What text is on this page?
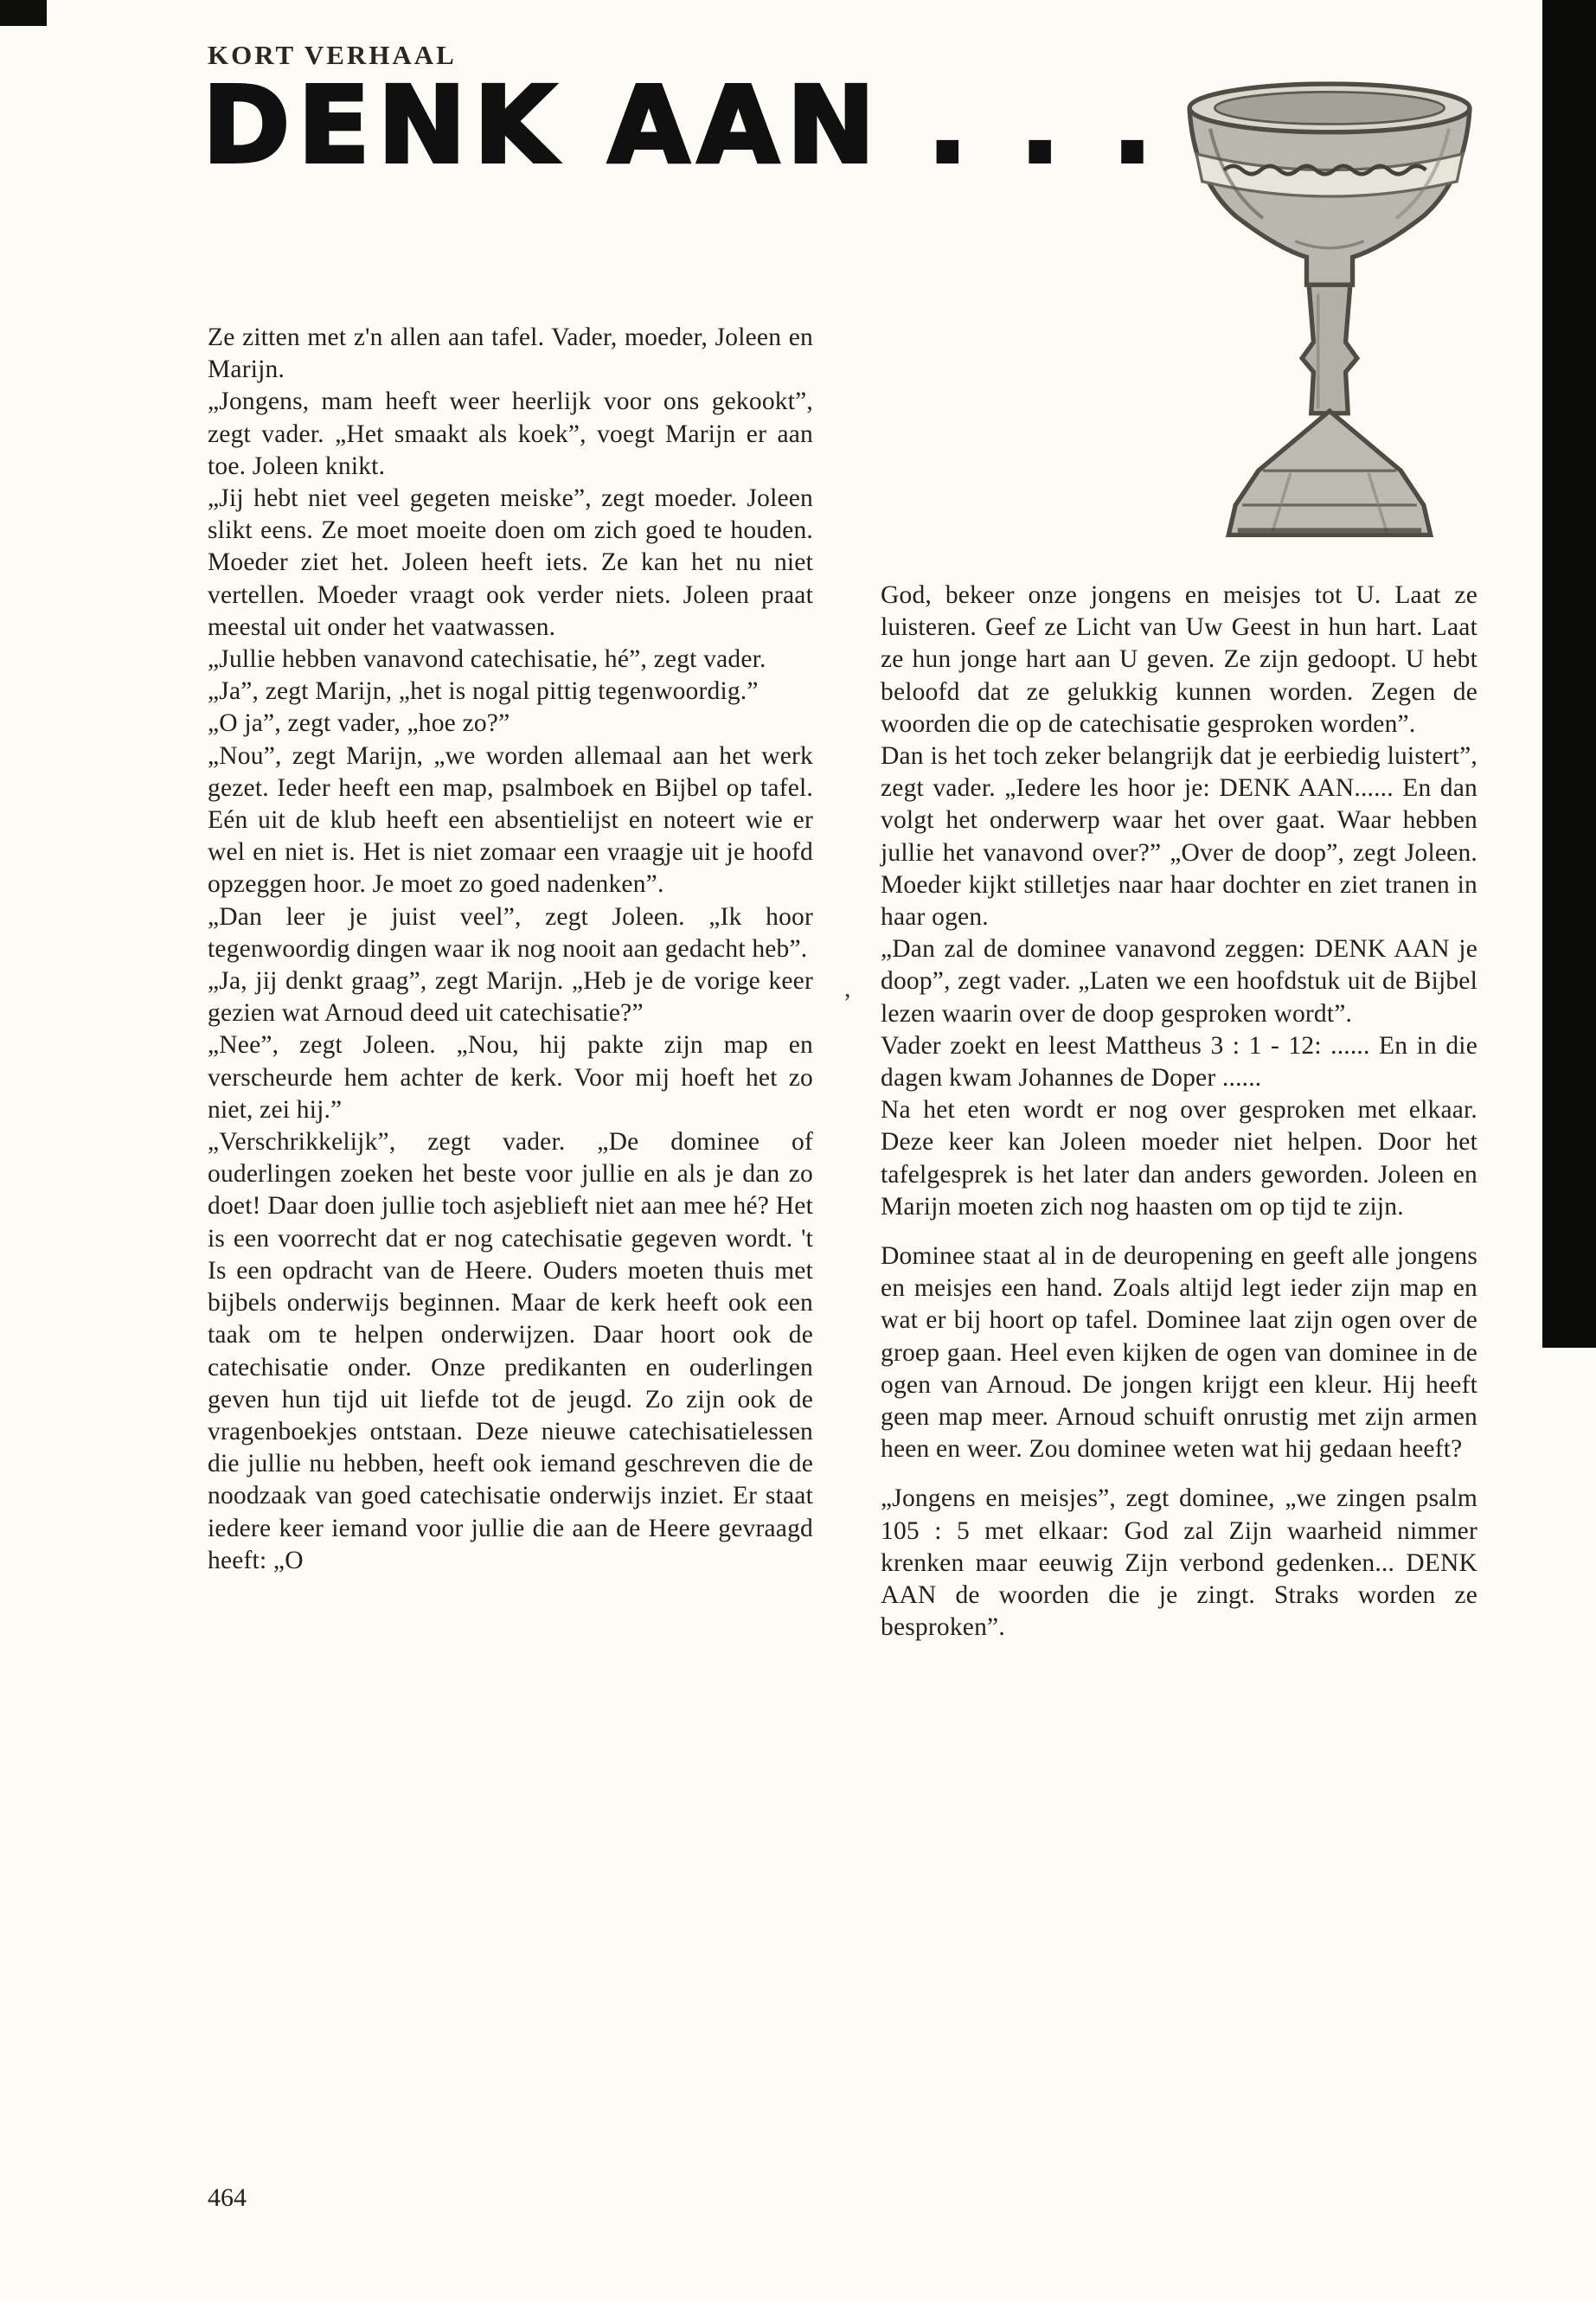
KORT VERHAAL
DENK AAN . . .

Ze zitten met z'n allen aan tafel. Vader, moeder, Joleen en Marijn.

„Jongens, mam heeft weer heerlijk voor ons gekookt”, zegt vader. „Het smaakt als koek”, voegt Marijn er aan toe. Joleen knikt.

„Jij hebt niet veel gegeten meiske”, zegt moeder. Joleen slikt eens. Ze moet moeite doen om zich goed te houden. Moeder ziet het. Joleen heeft iets. Ze kan het nu niet vertellen. Moeder vraagt ook verder niets. Joleen praat meestal uit onder het vaatwassen.

„Jullie hebben vanavond catechisatie, hé”, zegt vader.

„Ja”, zegt Marijn, „het is nogal pittig tegenwoordig.”

„O ja”, zegt vader, „hoe zo?”

„Nou”, zegt Marijn, „we worden allemaal aan het werk gezet. Ieder heeft een map, psalmboek en Bijbel op tafel. Eén uit de klub heeft een absentielijst en noteert wie er wel en niet is. Het is niet zomaar een vraagje uit je hoofd opzeggen hoor. Je moet zo goed nadenken”.

„Dan leer je juist veel”, zegt Joleen. „Ik hoor tegenwoordig dingen waar ik nog nooit aan gedacht heb”.

„Ja, jij denkt graag”, zegt Marijn. „Heb je de vorige keer gezien wat Arnoud deed uit catechisatie?”

„Nee”, zegt Joleen. „Nou, hij pakte zijn map en verscheurde hem achter de kerk. Voor mij hoeft het zo niet, zei hij.”

„Verschrikkelijk”, zegt vader. „De dominee of ouderlingen zoeken het beste voor jullie en als je dan zo doet! Daar doen jullie toch asjeblieft niet aan mee hé? Het is een voorrecht dat er nog catechisatie gegeven wordt. 't Is een opdracht van de Heere. Ouders moeten thuis met bijbels onderwijs beginnen. Maar de kerk heeft ook een taak om te helpen onderwijzen. Daar hoort ook de catechisatie onder. Onze predikanten en ouderlingen geven hun tijd uit liefde tot de jeugd. Zo zijn ook de vragenboekjes ontstaan. Deze nieuwe catechisatielessen die jullie nu hebben, heeft ook iemand geschreven die de noodzaak van goed catechisatie onderwijs inziet. Er staat iedere keer iemand voor jullie die aan de Heere gevraagd heeft: „O

God, bekeer onze jongens en meisjes tot U. Laat ze luisteren. Geef ze Licht van Uw Geest in hun hart. Laat ze hun jonge hart aan U geven. Ze zijn gedoopt. U hebt beloofd dat ze gelukkig kunnen worden. Zegen de woorden die op de catechisatie gesproken worden”.

Dan is het toch zeker belangrijk dat je eerbiedig luistert”, zegt vader. „Iedere les hoor je: DENK AAN...... En dan volgt het onderwerp waar het over gaat. Waar hebben jullie het vanavond over?” „Over de doop”, zegt Joleen. Moeder kijkt stilletjes naar haar dochter en ziet tranen in haar ogen.

„Dan zal de dominee vanavond zeggen: DENK AAN je doop”, zegt vader. „Laten we een hoofdstuk uit de Bijbel lezen waarin over de doop gesproken wordt”.

Vader zoekt en leest Mattheus 3 : 1 - 12: ...... En in die dagen kwam Johannes de Doper ......

Na het eten wordt er nog over gesproken met elkaar. Deze keer kan Joleen moeder niet helpen. Door het tafelgesprek is het later dan anders geworden. Joleen en Marijn moeten zich nog haasten om op tijd te zijn.

Dominee staat al in de deuropening en geeft alle jongens en meisjes een hand. Zoals altijd legt ieder zijn map en wat er bij hoort op tafel. Dominee laat zijn ogen over de groep gaan. Heel even kijken de ogen van dominee in de ogen van Arnoud. De jongen krijgt een kleur. Hij heeft geen map meer. Arnoud schuift onrustig met zijn armen heen en weer. Zou dominee weten wat hij gedaan heeft?

„Jongens en meisjes”, zegt dominee, „we zingen psalm 105 : 5 met elkaar: God zal Zijn waarheid nimmer krenken maar eeuwig Zijn verbond gedenken... DENK AAN de woorden die je zingt. Straks worden ze besproken”.

,
464
